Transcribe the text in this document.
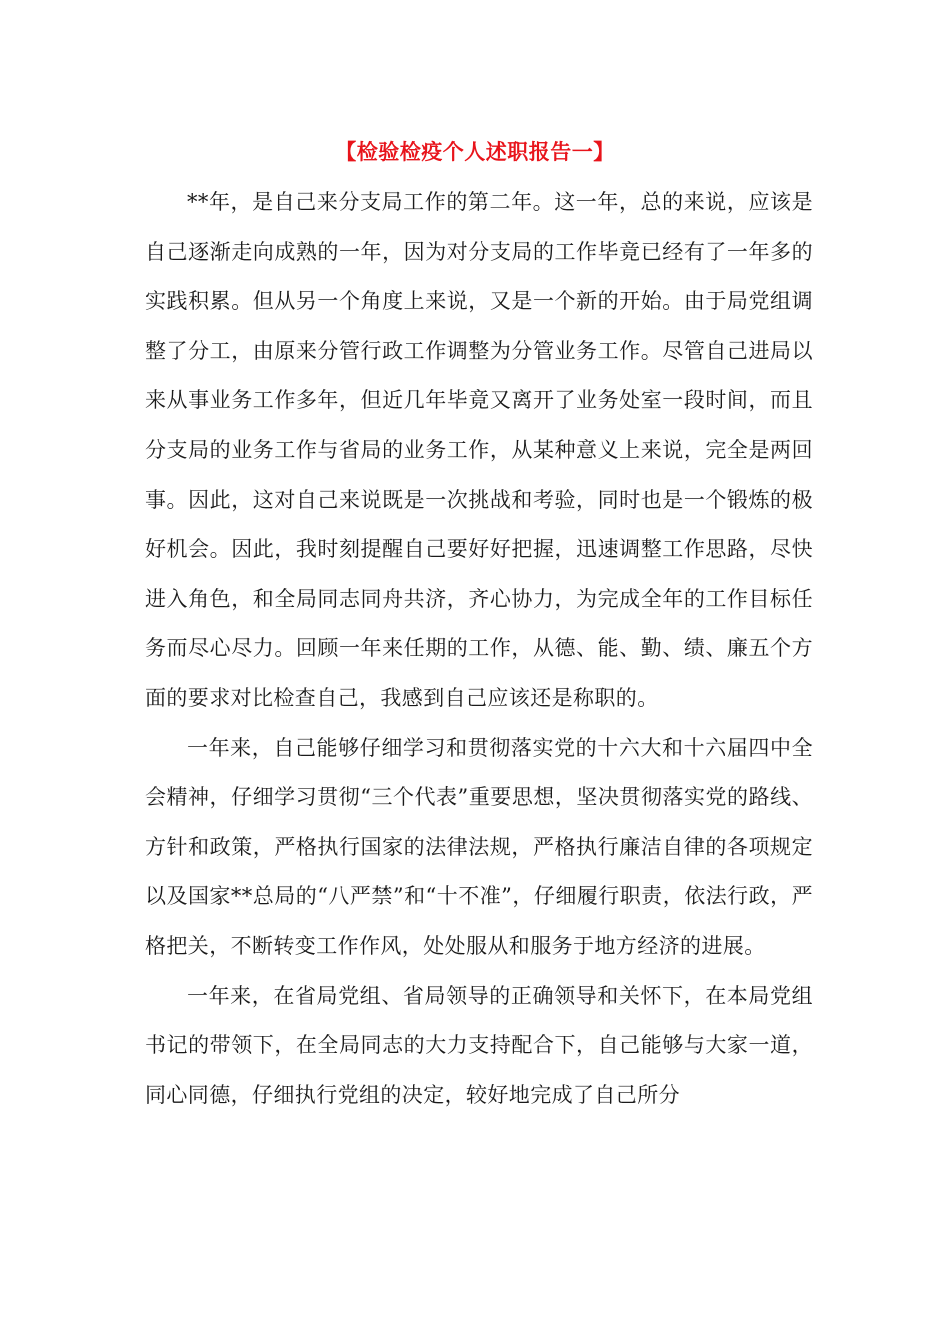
【检验检疫个人述职报告一】

**年，是自己来分支局工作的第二年。这一年，总的来说，应该是自己逐渐走向成熟的一年，因为对分支局的工作毕竟已经有了一年多的实践积累。但从另一个角度上来说，又是一个新的开始。由于局党组调整了分工，由原来分管行政工作调整为分管业务工作。尽管自己进局以来从事业务工作多年，但近几年毕竟又离开了业务处室一段时间，而且分支局的业务工作与省局的业务工作，从某种意义上来说，完全是两回事。因此，这对自己来说既是一次挑战和考验，同时也是一个锻炼的极好机会。因此，我时刻提醒自己要好好把握，迅速调整工作思路，尽快进入角色，和全局同志同舟共济，齐心协力，为完成全年的工作目标任务而尽心尽力。回顾一年来任期的工作，从德、能、勤、绩、廉五个方面的要求对比检查自己，我感到自己应该还是称职的。

一年来，自己能够仔细学习和贯彻落实党的十六大和十六届四中全会精神，仔细学习贯彻“三个代表”重要思想，坚决贯彻落实党的路线、方针和政策，严格执行国家的法律法规，严格执行廉洁自律的各项规定以及国家**总局的“八严禁”和“十不准”，仔细履行职责，依法行政，严格把关，不断转变工作作风，处处服从和服务于地方经济的进展。

一年来，在省局党组、省局领导的正确领导和关怀下，在本局党组书记的带领下，在全局同志的大力支持配合下，自己能够与大家一道，同心同德，仔细执行党组的决定，较好地完成了自己所分
